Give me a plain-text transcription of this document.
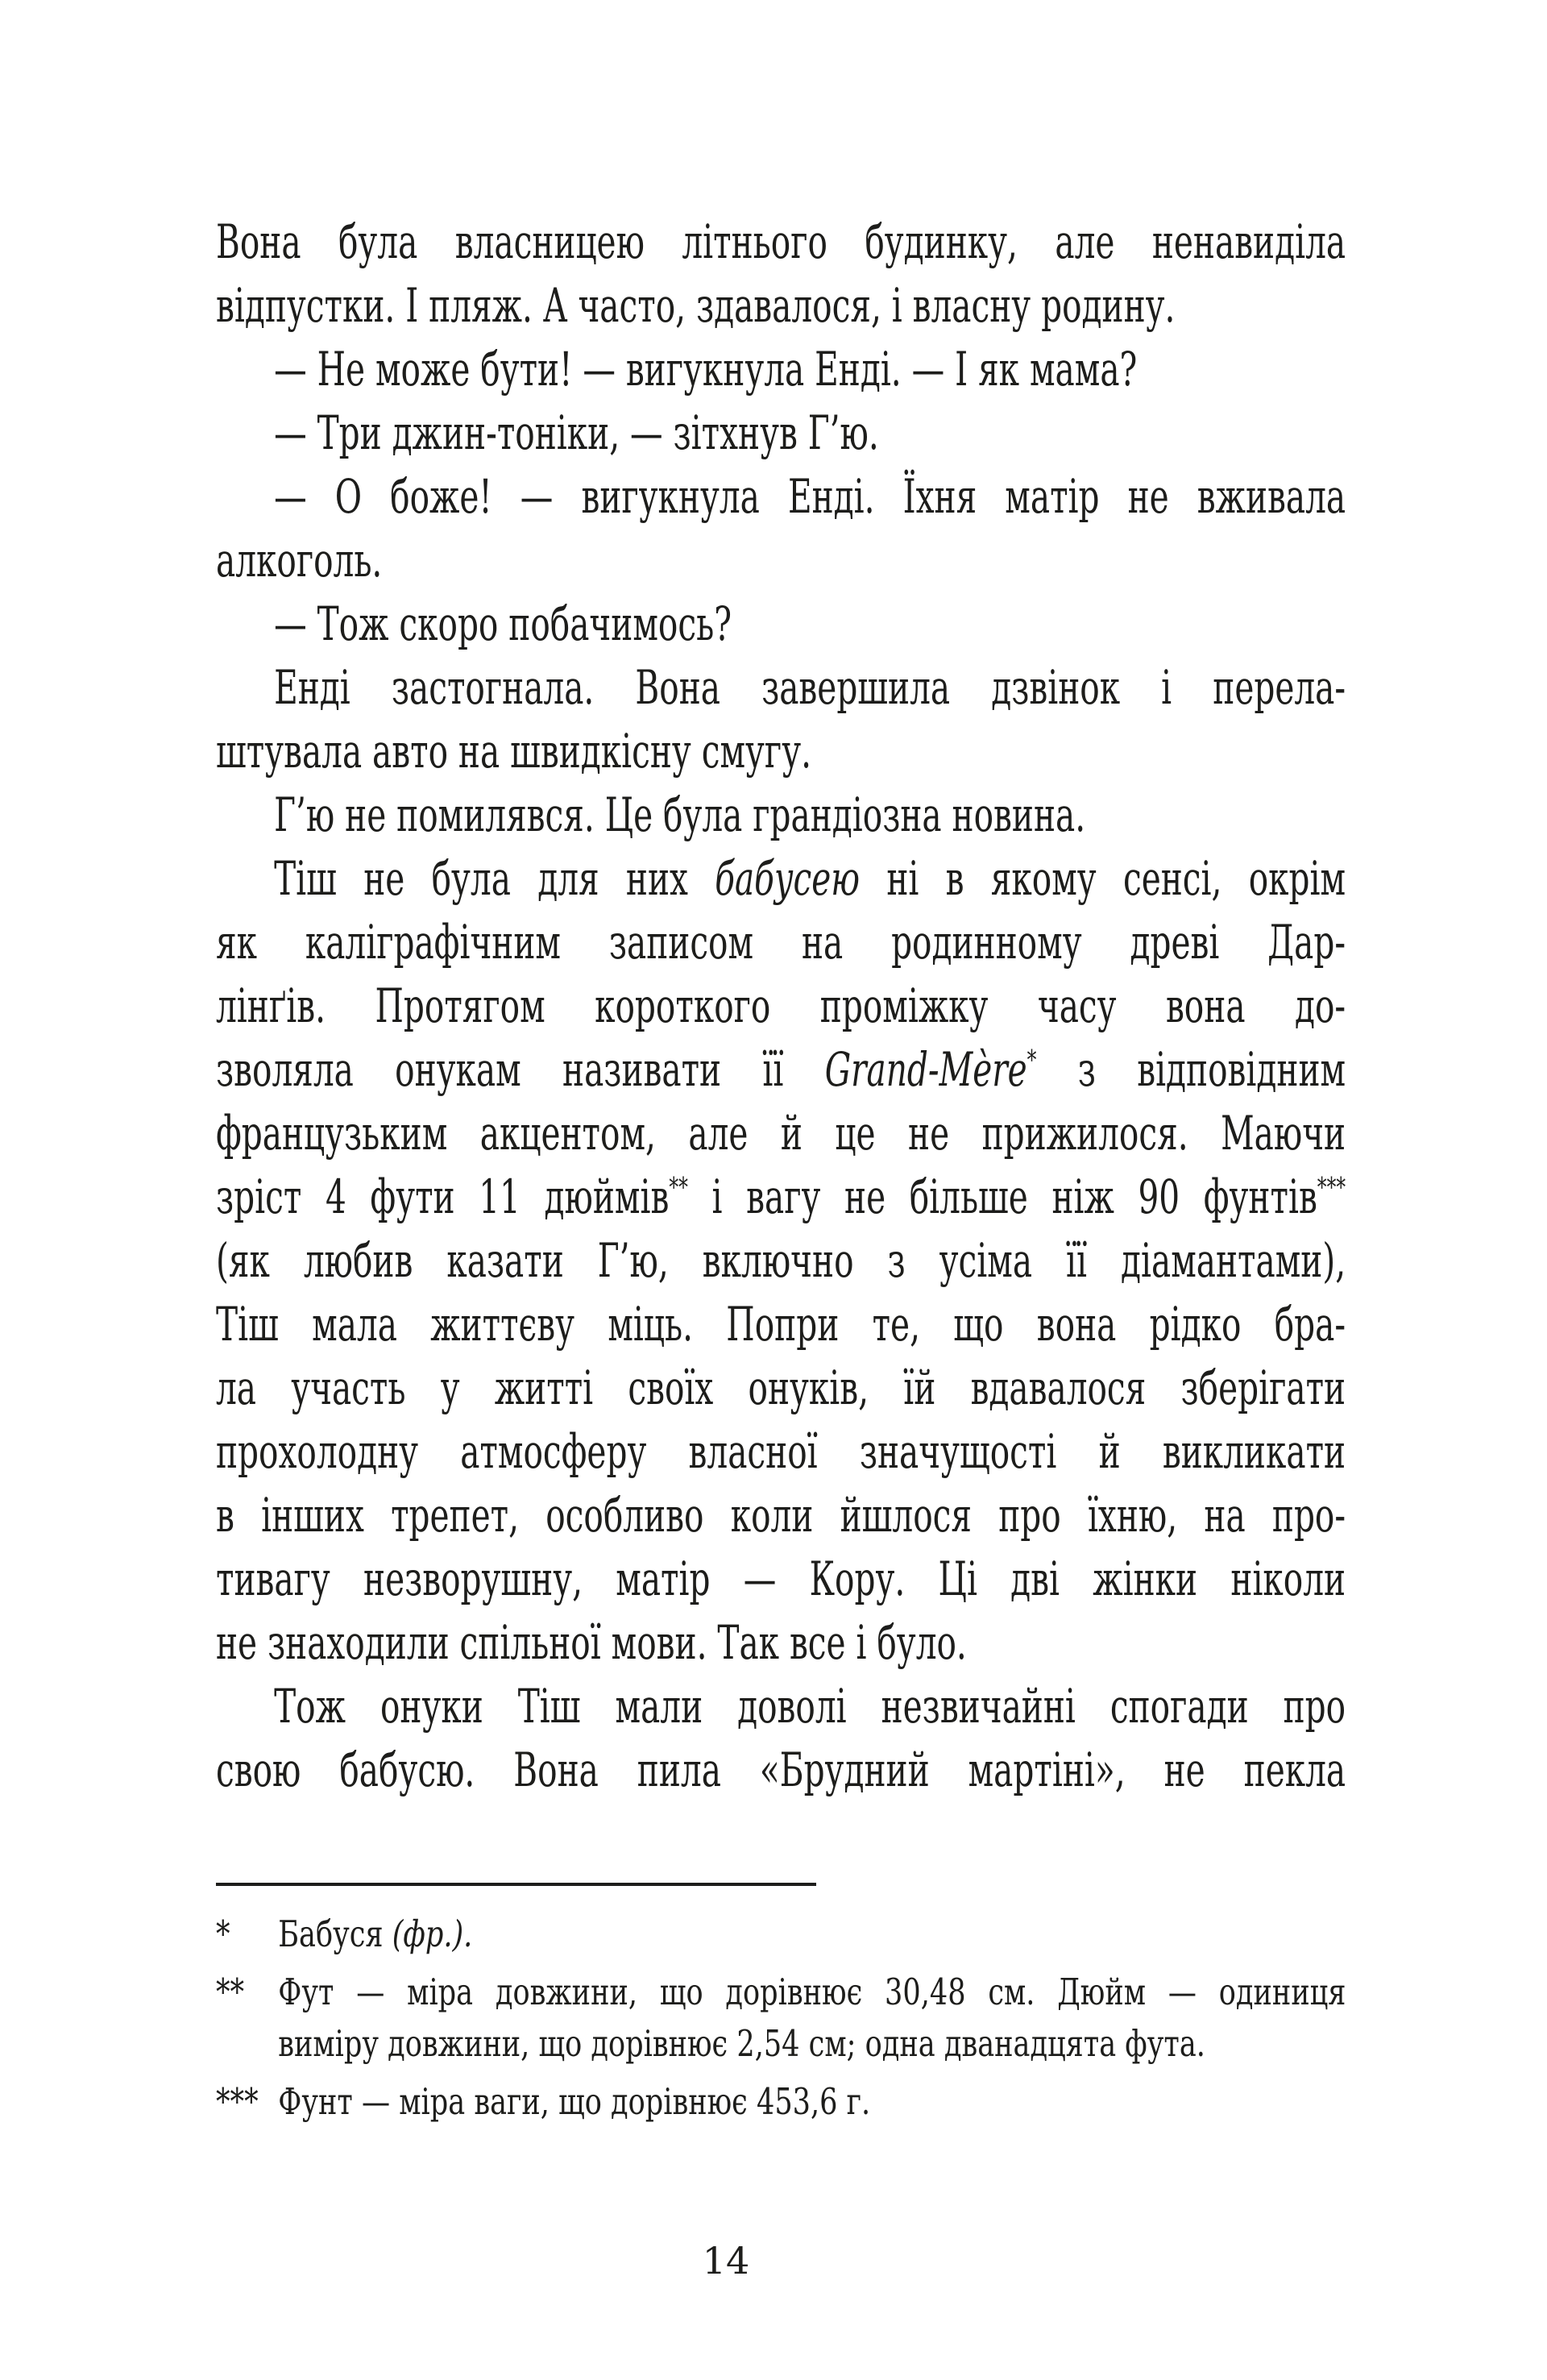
Вона була власницею літнього будинку, але ненавиділа
відпустки. І пляж. А часто, здавалося, і власну родину.
— Не може бути! — вигукнула Енді. — І як мама?
— Три джин-тоніки, — зітхнув Г’ю.
— О боже! — вигукнула Енді. Їхня матір не вживала
алкоголь.
— Тож скоро побачимось?
Енді застогнала. Вона завершила дзвінок і перела-
штувала авто на швидкісну смугу.
Г’ю не помилявся. Це була грандіозна новина.
Тіш не була для них бабусею ні в якому сенсі, окрім
як каліграфічним записом на родинному древі Дар-
лінґів. Протягом короткого проміжку часу вона до-
зволяла онукам називати її Grand-Mère* з відповідним
французьким акцентом, але й це не прижилося. Маючи
зріст 4 фути 11 дюймів** і вагу не більше ніж 90 фунтів***
(як любив казати Г’ю, включно з усіма її діамантами),
Тіш мала життєву міць. Попри те, що вона рідко бра-
ла участь у житті своїх онуків, їй вдавалося зберігати
прохолодну атмосферу власної значущості й викликати
в інших трепет, особливо коли йшлося про їхню, на про-
тивагу незворушну, матір — Кору. Ці дві жінки ніколи
не знаходили спільної мови. Так все і було.
Тож онуки Тіш мали доволі незвичайні спогади про
свою бабусю. Вона пила «Брудний мартіні», не пекла
* Бабуся (фр.).
** Фут — міра довжини, що дорівнює 30,48 см. Дюйм — одиниця
виміру довжини, що дорівнює 2,54 см; одна дванадцята фута.
*** Фунт — міра ваги, що дорівнює 453,6 г.
14
